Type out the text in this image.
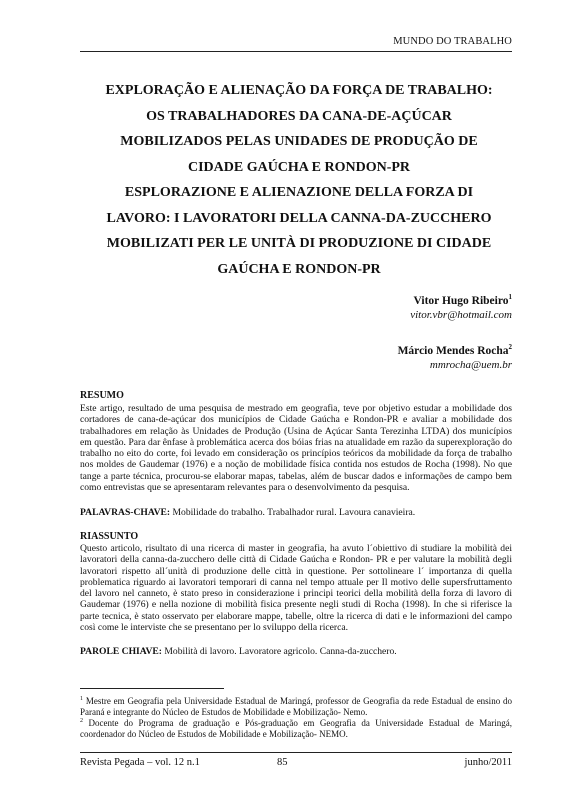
MUNDO DO TRABALHO
EXPLORAÇÃO E ALIENAÇÃO DA FORÇA DE TRABALHO:
OS TRABALHADORES DA CANA-DE-AÇÚCAR
MOBILIZADOS PELAS UNIDADES DE PRODUÇÃO DE
CIDADE GAÚCHA E RONDON-PR
ESPLORAZIONE E ALIENAZIONE DELLA FORZA DI
LAVORO: I LAVORATORI DELLA CANNA-DA-ZUCCHERO
MOBILIZATI PER LE UNITÀ DI PRODUZIONE DI CIDADE
GAÚCHA E RONDON-PR
Vitor Hugo Ribeiro$^1$
vitor.vbr@hotmail.com
Márcio Mendes Rocha$^2$
mmrocha@uem.br
RESUMO
Este artigo, resultado de uma pesquisa de mestrado em geografia, teve por objetivo estudar a mobilidade dos cortadores de cana-de-açúcar dos municípios de Cidade Gaúcha e Rondon-PR e avaliar a mobilidade dos trabalhadores em relação às Unidades de Produção (Usina de Açúcar Santa Terezinha LTDA) dos municípios em questão. Para dar ênfase à problemática acerca dos bóias frias na atualidade em razão da superexploração do trabalho no eito do corte, foi levado em consideração os princípios teóricos da mobilidade da força de trabalho nos moldes de Gaudemar (1976) e a noção de mobilidade física contida nos estudos de Rocha (1998). No que tange a parte técnica, procurou-se elaborar mapas, tabelas, além de buscar dados e informações de campo bem como entrevistas que se apresentaram relevantes para o desenvolvimento da pesquisa.
PALAVRAS-CHAVE: Mobilidade do trabalho. Trabalhador rural. Lavoura canavieira.
RIASSUNTO
Questo articolo, risultato di una ricerca di master in geografia, ha avuto l´obiettivo di studiare la mobilità dei lavoratori della canna-da-zucchero delle città di Cidade Gaúcha e Rondon- PR e per valutare la mobilità degli lavoratori rispetto all´unità di produzione delle città in questione. Per sottolineare l´ importanza di quella problematica riguardo ai lavoratori temporari di canna nel tempo attuale per Il motivo delle supersfruttamento del lavoro nel canneto, è stato preso in considerazione i principi teorici della mobilità della forza di lavoro di Gaudemar (1976) e nella nozione di mobilità fisica presente negli studi di Rocha (1998). In che si riferisce la parte tecnica, è stato osservato per elaborare mappe, tabelle, oltre la ricerca di dati e le informazioni del campo così come le interviste che se presentano per lo sviluppo della ricerca.
PAROLE CHIAVE: Mobilità di lavoro. Lavoratore agricolo. Canna-da-zucchero.
$^1$ Mestre em Geografia pela Universidade Estadual de Maringá, professor de Geografia da rede Estadual de ensino do Paraná e integrante do Núcleo de Estudos de Mobilidade e Mobilização- Nemo.
$^2$ Docente do Programa de graduação e Pós-graduação em Geografia da Universidade Estadual de Maringá, coordenador do Núcleo de Estudos de Mobilidade e Mobilização- NEMO.
Revista Pegada – vol. 12 n.1	85	junho/2011
